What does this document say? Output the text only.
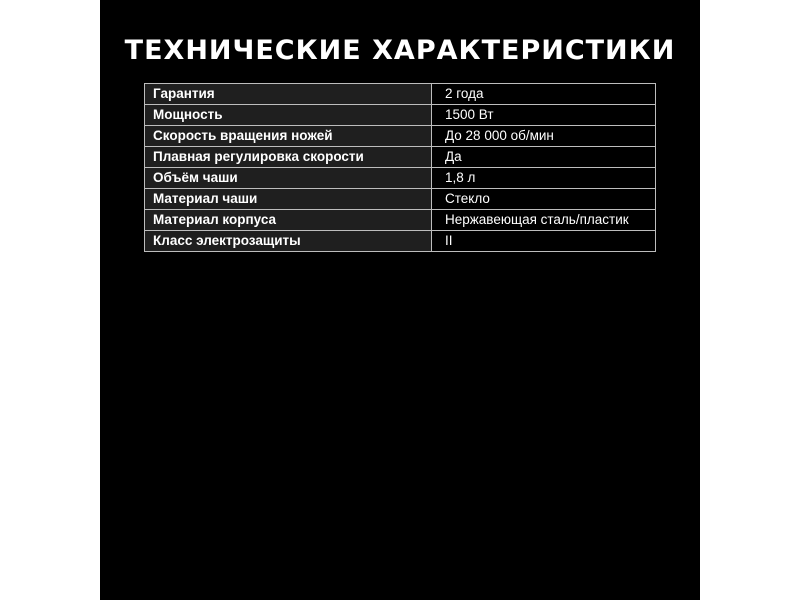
ТЕХНИЧЕСКИЕ ХАРАКТЕРИСТИКИ
Гарантия	2 года
Мощность	1500 Вт
Скорость вращения ножей	До 28 000 об/мин
Плавная регулировка скорости	Да
Объём чаши	1,8 л
Материал чаши	Стекло
Материал корпуса	Нержавеющая сталь/пластик
Класс электрозащиты	II
